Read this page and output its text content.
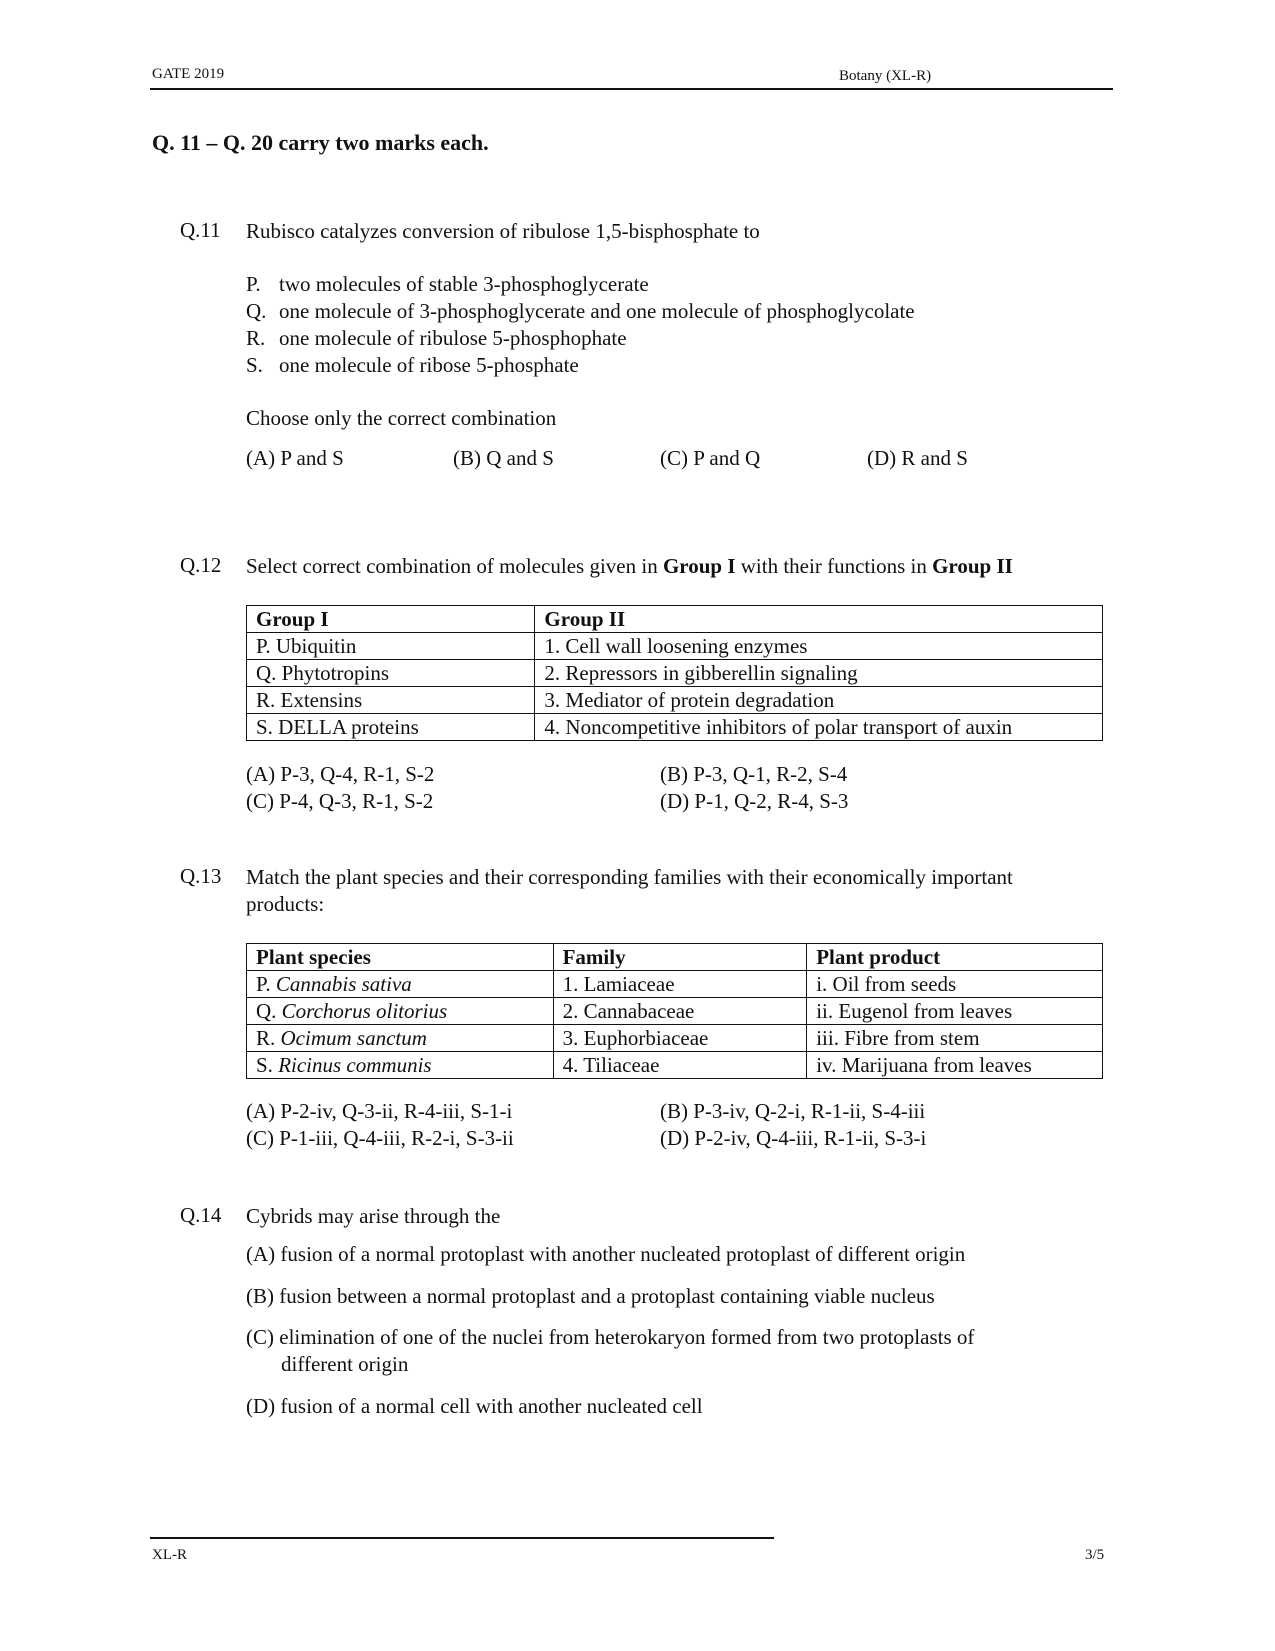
GATE 2019	Botany (XL-R)
Q. 11 – Q. 20 carry two marks each.
Q.11 Rubisco catalyzes conversion of ribulose 1,5-bisphosphate to
P. two molecules of stable 3-phosphoglycerate
Q. one molecule of 3-phosphoglycerate and one molecule of phosphoglycolate
R. one molecule of ribulose 5-phosphophate
S. one molecule of ribose 5-phosphate
Choose only the correct combination
(A) P and S	(B) Q and S	(C) P and Q	(D) R and S
Q.12 Select correct combination of molecules given in Group I with their functions in Group II
Group I	Group II
P. Ubiquitin	1. Cell wall loosening enzymes
Q. Phytotropins	2. Repressors in gibberellin signaling
R. Extensins	3. Mediator of protein degradation
S. DELLA proteins	4. Noncompetitive inhibitors of polar transport of auxin
(A) P-3, Q-4, R-1, S-2	(B) P-3, Q-1, R-2, S-4
(C) P-4, Q-3, R-1, S-2	(D) P-1, Q-2, R-4, S-3
Q.13 Match the plant species and their corresponding families with their economically important
products:
Plant species	Family	Plant product
P. Cannabis sativa	1. Lamiaceae	i. Oil from seeds
Q. Corchorus olitorius	2. Cannabaceae	ii. Eugenol from leaves
R. Ocimum sanctum	3. Euphorbiaceae	iii. Fibre from stem
S. Ricinus communis	4. Tiliaceae	iv. Marijuana from leaves
(A) P-2-iv, Q-3-ii, R-4-iii, S-1-i	(B) P-3-iv, Q-2-i, R-1-ii, S-4-iii
(C) P-1-iii, Q-4-iii, R-2-i, S-3-ii	(D) P-2-iv, Q-4-iii, R-1-ii, S-3-i
Q.14 Cybrids may arise through the
(A) fusion of a normal protoplast with another nucleated protoplast of different origin
(B) fusion between a normal protoplast and a protoplast containing viable nucleus
(C) elimination of one of the nuclei from heterokaryon formed from two protoplasts of
different origin
(D) fusion of a normal cell with another nucleated cell
XL-R	3/5
